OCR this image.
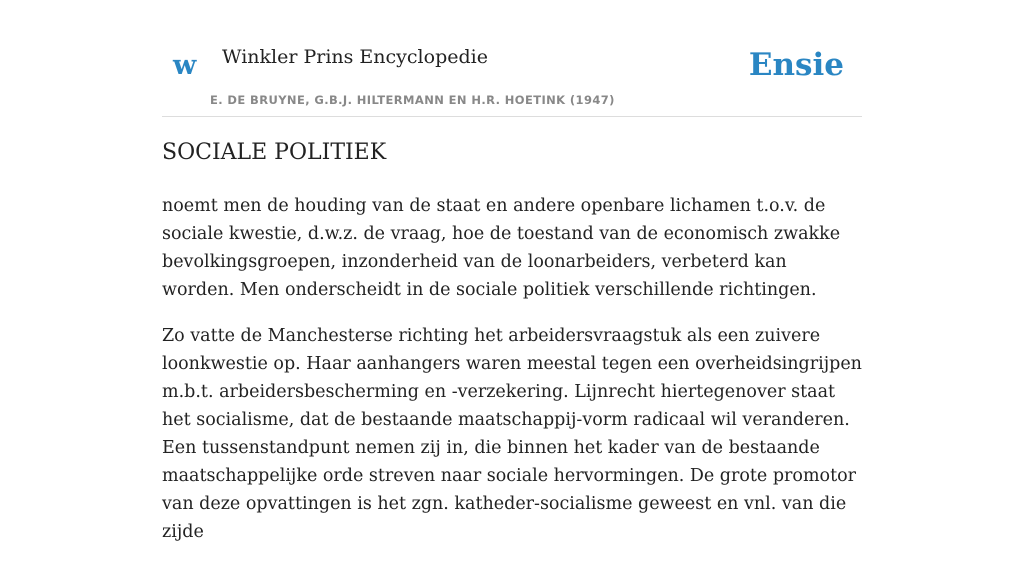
w Winkler Prins Encyclopedie
E. DE BRUYNE, G.B.J. HILTERMANN EN H.R. HOETINK (1947)
Ensie
SOCIALE POLITIEK

noemt men de houding van de staat en andere openbare lichamen t.o.v. de sociale kwestie, d.w.z. de vraag, hoe de toestand van de economisch zwakke bevolkingsgroepen, inzonderheid van de loonarbeiders, verbeterd kan worden. Men onderscheidt in de sociale politiek verschillende richtingen.

Zo vatte de Manchesterse richting het arbeidersvraagstuk als een zuivere loonkwestie op. Haar aanhangers waren meestal tegen een overheidsingrijpen m.b.t. arbeidersbescherming en -verzekering. Lijnrecht hiertegenover staat het socialisme, dat de bestaande maatschappij-vorm radicaal wil veranderen. Een tussenstandpunt nemen zij in, die binnen het kader van de bestaande maatschappelijke orde streven naar sociale hervormingen. De grote promotor van deze opvattingen is het zgn. katheder-socialisme geweest en vnl. van die zijde
